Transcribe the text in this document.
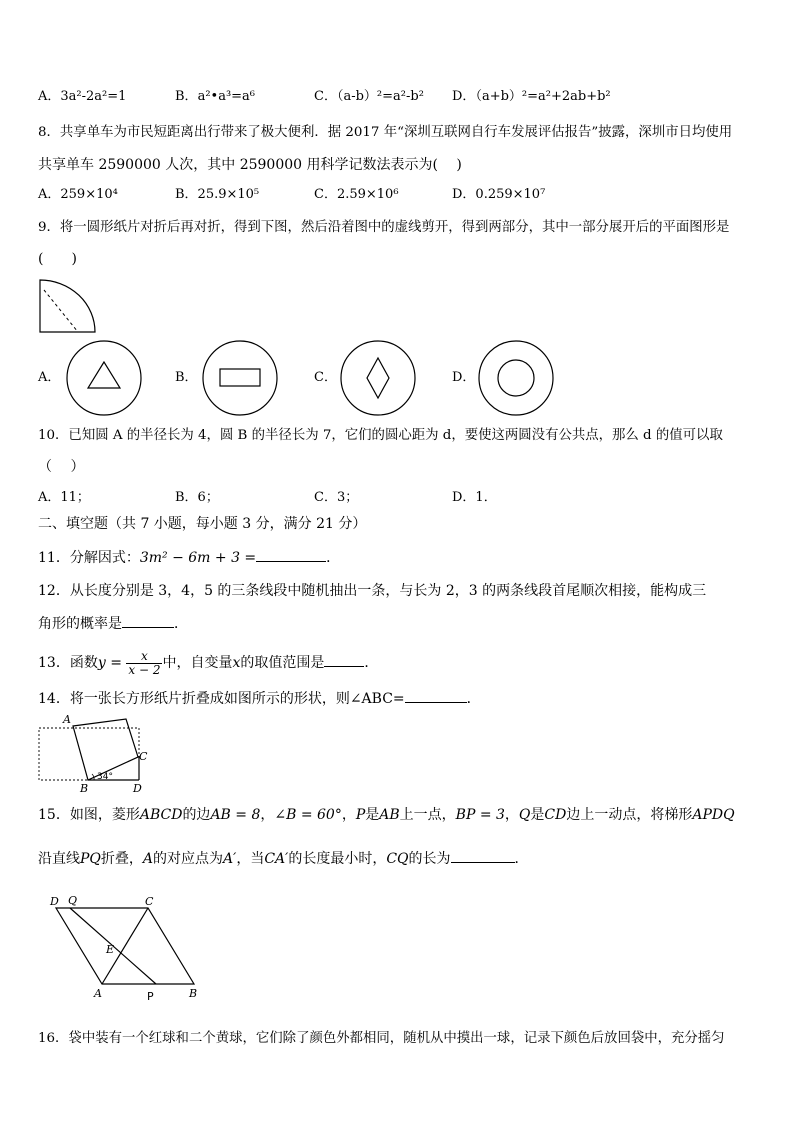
A．3a²-2a²=1	B．a²•a³=a⁶	C．（a-b）²=a²-b² D．（a+b）²=a²+2ab+b²
8．共享单车为市民短距离出行带来了极大便利．据 2017 年“深圳互联网自行车发展评估报告”披露，深圳市日均使用
共享单车 2590000 人次，其中 2590000 用科学记数法表示为(　 )
A．259×10⁴	B．25.9×10⁵	C．2.59×10⁶	D．0.259×10⁷
9．将一圆形纸片对折后再对折，得到下图，然后沿着图中的虚线剪开，得到两部分，其中一部分展开后的平面图形是
(　　)
A．	B．	C．	D．
10．已知圆 A 的半径长为 4，圆 B 的半径长为 7，它们的圆心距为 d，要使这两圆没有公共点，那么 d 的值可以取
（　 ）
A．11；	B．6；	C．3；	D．1．
二、填空题（共 7 小题，每小题 3 分，满分 21 分）
11．分解因式：3m² − 6m + 3 =	．
12．从长度分别是 3，4，5 的三条线段中随机抽出一条，与长为 2，3 的两条线段首尾顺次相接，能构成三
角形的概率是	．
13．函数$y = \frac{x}{x - 2}$ 中，自变量x的取值范围是	．
14．将一张长方形纸片折叠成如图所示的形状，则∠ABC=	．
A
B
C
D
34°
15．如图，菱形ABCD的边AB = 8，∠B = 60°，P是AB上一点，BP = 3，Q是CD边上一动点，将梯形APDQ
沿直线PQ折叠，A的对应点为A′，当CA′的长度最小时，CQ的长为	．
D Q	C
E
A	P	B
16．袋中装有一个红球和二个黄球，它们除了颜色外都相同，随机从中摸出一球，记录下颜色后放回袋中，充分摇匀
